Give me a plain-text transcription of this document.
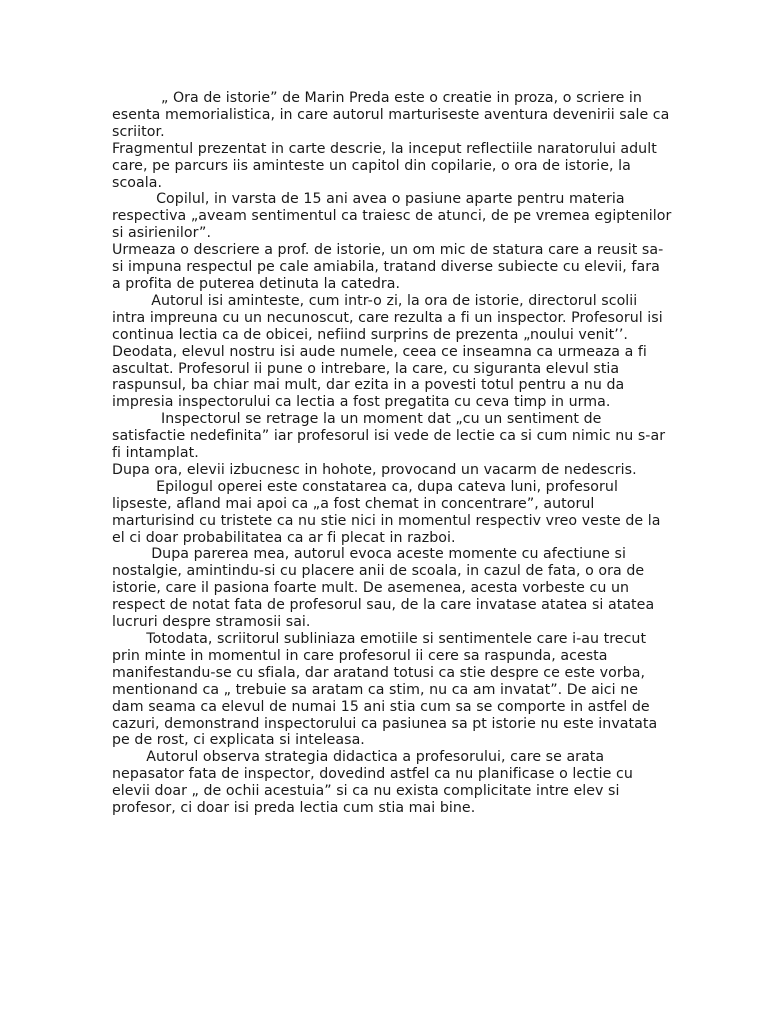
„ Ora de istorie” de Marin Preda este o creatie in proza, o scriere in esenta memorialistica, in care autorul marturiseste aventura devenirii sale ca scriitor.
Fragmentul prezentat in carte descrie, la inceput reflectiile naratorului adult care, pe parcurs iis aminteste un capitol din copilarie, o ora de istorie, la scoala.
Copilul, in varsta de 15 ani avea o pasiune aparte pentru materia respectiva „aveam sentimentul ca traiesc de atunci, de pe vremea egiptenilor si asirienilor”.
Urmeaza o descriere a prof. de istorie, un om mic de statura care a reusit sa-si impuna respectul pe cale amiabila, tratand diverse subiecte cu elevii, fara a profita de puterea detinuta la catedra.
Autorul isi aminteste, cum intr-o zi, la ora de istorie, directorul scolii intra impreuna cu un necunoscut, care rezulta a fi un inspector. Profesorul isi continua lectia ca de obicei, nefiind surprins de prezenta „noului venit’’. Deodata, elevul nostru isi aude numele, ceea ce inseamna ca urmeaza a fi ascultat. Profesorul ii pune o intrebare, la care, cu siguranta elevul stia raspunsul, ba chiar mai mult, dar ezita in a povesti totul pentru a nu da impresia inspectorului ca lectia a fost pregatita cu ceva timp in urma.
Inspectorul se retrage la un moment dat „cu un sentiment de satisfactie nedefinita” iar profesorul isi vede de lectie ca si cum nimic nu s-ar fi intamplat.
Dupa ora, elevii izbucnesc in hohote, provocand un vacarm de nedescris.
Epilogul operei este constatarea ca, dupa cateva luni, profesorul lipseste, afland mai apoi ca „a fost chemat in concentrare”, autorul marturisind cu tristete ca nu stie nici in momentul respectiv vreo veste de la el ci doar probabilitatea ca ar fi plecat in razboi.
Dupa parerea mea, autorul evoca aceste momente cu afectiune si nostalgie, amintindu-si cu placere anii de scoala, in cazul de fata, o ora de istorie, care il pasiona foarte mult. De asemenea, acesta vorbeste cu un respect de notat fata de profesorul sau, de la care invatase atatea si atatea lucruri despre stramosii sai.
Totodata, scriitorul subliniaza emotiile si sentimentele care i-au trecut prin minte in momentul in care profesorul ii cere sa raspunda, acesta manifestandu-se cu sfiala, dar aratand totusi ca stie despre ce este vorba, mentionand ca „ trebuie sa aratam ca stim, nu ca am invatat”. De aici ne dam seama ca elevul de numai 15 ani stia cum sa se comporte in astfel de cazuri, demonstrand inspectorului ca pasiunea sa pt istorie nu este invatata pe de rost, ci explicata si inteleasa.
Autorul observa strategia didactica a profesorului, care se arata nepasator fata de inspector, dovedind astfel ca nu planificase o lectie cu elevii doar „ de ochii acestuia” si ca nu exista complicitate intre elev si profesor, ci doar isi preda lectia cum stia mai bine.
